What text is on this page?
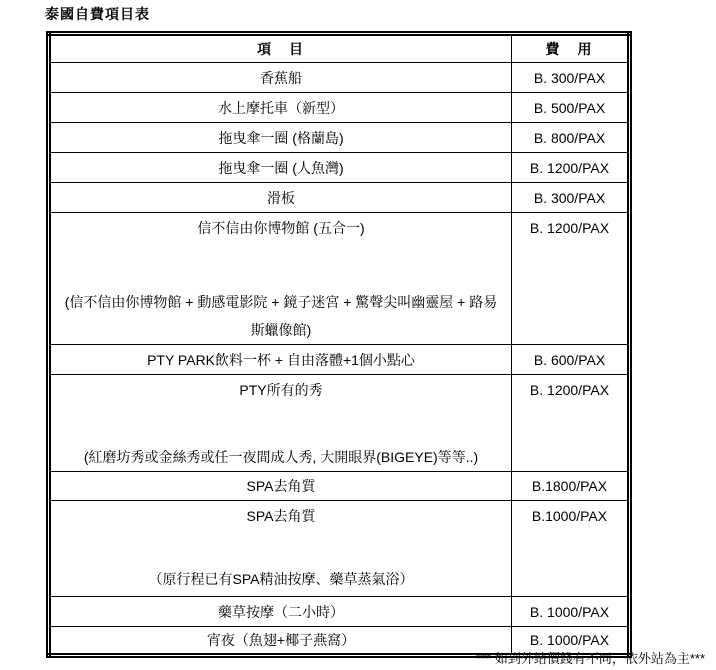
泰國自費項目表
項　目	費　用

香蕉船	B. 300/PAX

水上摩托車（新型）	B. 500/PAX

拖曳傘一圈 (格蘭島)	B. 800/PAX

拖曳傘一圈 (人魚灣)	B. 1200/PAX

滑板	B. 300/PAX

信不信由你博物館 (五合一)
(信不信由你博物館 + 動感電影院 + 鏡子迷宮 + 驚聲尖叫幽靈屋 + 路易
斯蠟像館)	B. 1200/PAX

PTY PARK飲料一杯 + 自由落體+1個小點心	B. 600/PAX

PTY所有的秀
(紅磨坊秀或金絲秀或任一夜間成人秀, 大開眼界(BIGEYE)等等..)	B. 1200/PAX

SPA去角質	B.1800/PAX

SPA去角質
（原行程已有SPA精油按摩、藥草蒸氣浴）	B.1000/PAX

藥草按摩（二小時）	B. 1000/PAX

宵夜（魚翅+椰子燕窩）	B. 1000/PAX
*** 如到外站價錢有不同，依外站為主***
